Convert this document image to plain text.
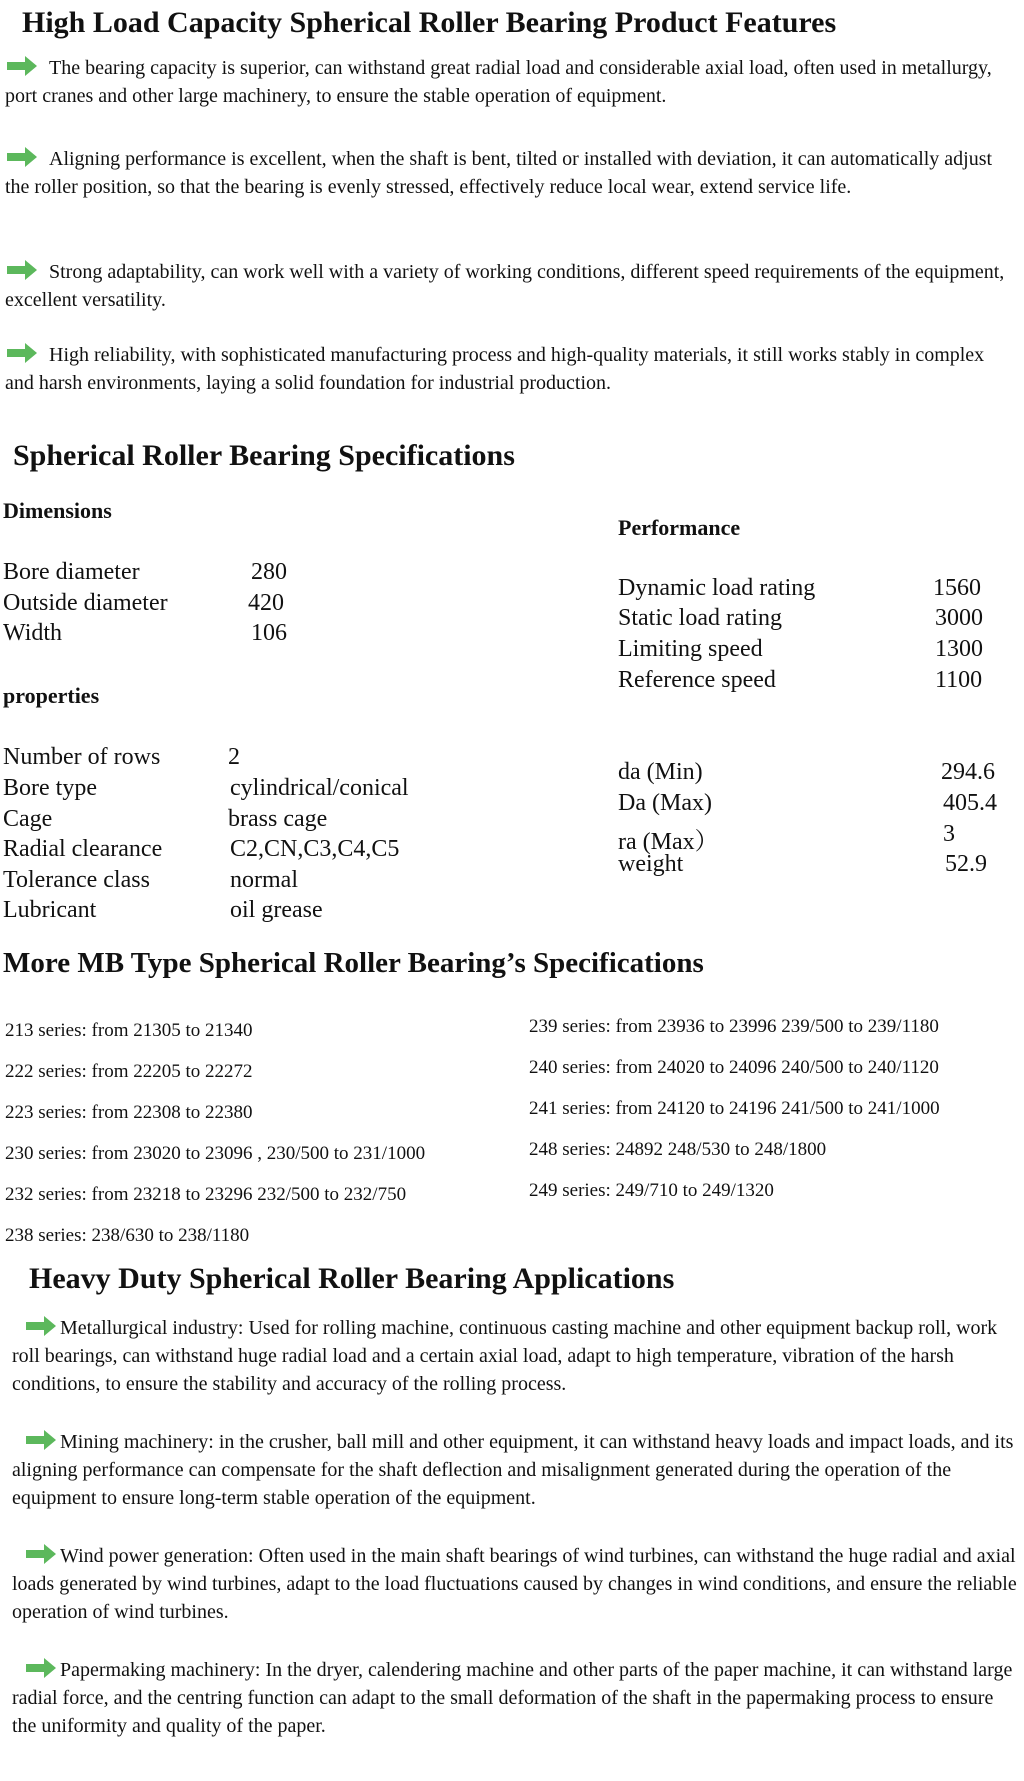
High Load Capacity Spherical Roller Bearing Product Features
The bearing capacity is superior, can withstand great radial load and considerable axial load, often used in metallurgy, port cranes and other large machinery, to ensure the stable operation of equipment.
Aligning performance is excellent, when the shaft is bent, tilted or installed with deviation, it can automatically adjust the roller position, so that the bearing is evenly stressed, effectively reduce local wear, extend service life.
Strong adaptability, can work well with a variety of working conditions, different speed requirements of the equipment, excellent versatility.
High reliability, with sophisticated manufacturing process and high-quality materials, it still works stably in complex and harsh environments, laying a solid foundation for industrial production.
Spherical Roller Bearing Specifications
Dimensions
Bore diameter	280
Outside diameter	420
Width	106
properties
Number of rows	2
Bore type	cylindrical/conical
Cage	brass cage
Radial clearance	C2,CN,C3,C4,C5
Tolerance class	normal
Lubricant	oil grease
Performance
Dynamic load rating	1560
Static load rating	3000
Limiting speed	1300
Reference speed	1100
da (Min)	294.6
Da (Max)	405.4
ra (Max）	3
weight	52.9
More MB Type Spherical Roller Bearing’s Specifications
213 series: from 21305 to 21340
222 series: from 22205 to 22272
223 series: from 22308 to 22380
230 series: from 23020 to 23096 , 230/500 to 231/1000
232 series: from 23218 to 23296 232/500 to 232/750
238 series: 238/630 to 238/1180
239 series: from 23936 to 23996 239/500 to 239/1180
240 series: from 24020 to 24096 240/500 to 240/1120
241 series: from 24120 to 24196 241/500 to 241/1000
248 series: 24892 248/530 to 248/1800
249 series: 249/710 to 249/1320
Heavy Duty Spherical Roller Bearing Applications
Metallurgical industry: Used for rolling machine, continuous casting machine and other equipment backup roll, work roll bearings, can withstand huge radial load and a certain axial load, adapt to high temperature, vibration of the harsh conditions, to ensure the stability and accuracy of the rolling process.
Mining machinery: in the crusher, ball mill and other equipment, it can withstand heavy loads and impact loads, and its aligning performance can compensate for the shaft deflection and misalignment generated during the operation of the equipment to ensure long-term stable operation of the equipment.
Wind power generation: Often used in the main shaft bearings of wind turbines, can withstand the huge radial and axial loads generated by wind turbines, adapt to the load fluctuations caused by changes in wind conditions, and ensure the reliable operation of wind turbines.
Papermaking machinery: In the dryer, calendering machine and other parts of the paper machine, it can withstand large radial force, and the centring function can adapt to the small deformation of the shaft in the papermaking process to ensure the uniformity and quality of the paper.
